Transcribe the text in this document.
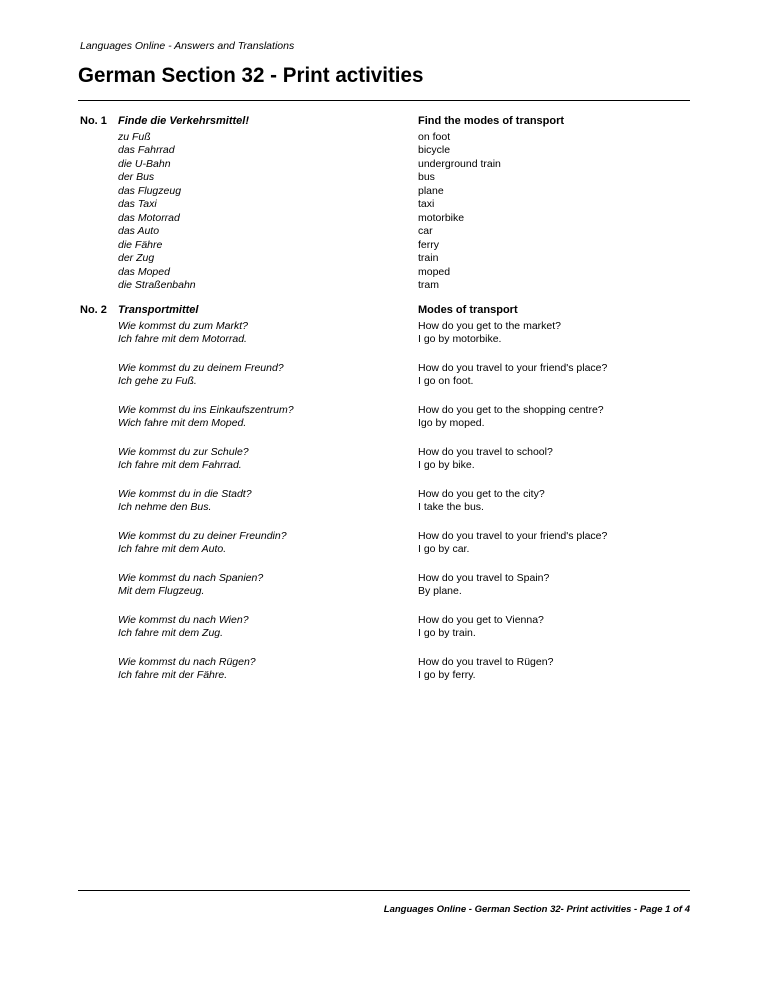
Languages Online - Answers and Translations
German Section 32 - Print activities
No. 1 Finde die Verkehrsmittel!
zu Fuß
das Fahrrad
die U-Bahn
der Bus
das Flugzeug
das Taxi
das Motorrad
das Auto
die Fähre
der Zug
das Moped
die Straßenbahn
Find the modes of transport
on foot
bicycle
underground train
bus
plane
taxi
motorbike
car
ferry
train
moped
tram
No. 2 Transportmittel
Wie kommst du zum Markt?
Ich fahre mit dem Motorrad.
Wie kommst du zu deinem Freund?
Ich gehe zu Fuß.
Wie kommst du ins Einkaufszentrum?
Wich fahre mit dem Moped.
Wie kommst du zur Schule?
Ich fahre mit dem Fahrrad.
Wie kommst du in die Stadt?
Ich nehme den Bus.
Wie kommst du zu deiner Freundin?
Ich fahre mit dem Auto.
Wie kommst du nach Spanien?
Mit dem Flugzeug.
Wie kommst du nach Wien?
Ich fahre mit dem Zug.
Wie kommst du nach Rügen?
Ich fahre mit der Fähre.
Modes of transport
How do you get to the market?
I go by motorbike.
How do you travel to your friend's place?
I go on foot.
How do you get to the shopping centre?
Igo by moped.
How do you travel to school?
I go by bike.
How do you get to the city?
I take the bus.
How do you travel to your friend's place?
I go by car.
How do you travel to Spain?
By plane.
How do you get to Vienna?
I go by train.
How do you travel to Rügen?
I go by ferry.
Languages Online - German Section 32- Print activities - Page 1 of 4
